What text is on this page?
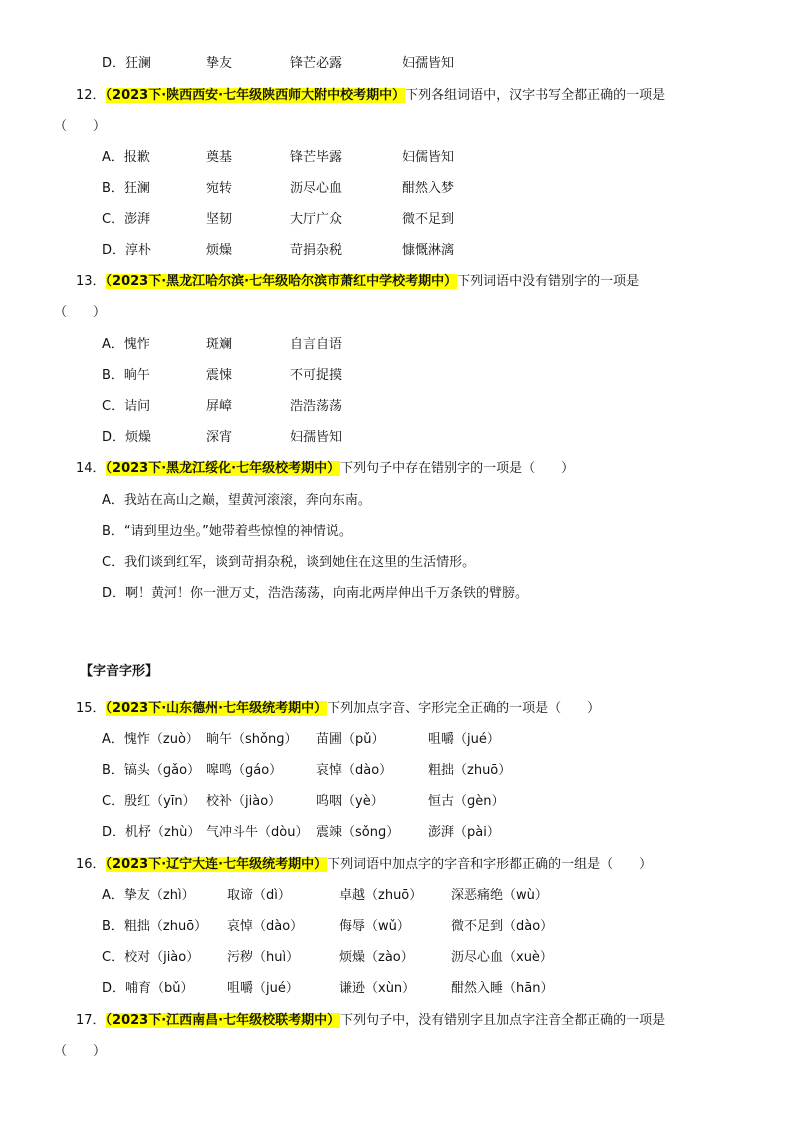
D．狂澜	挚友	锋芒必露	妇孺皆知
12．（2023下·陕西西安·七年级陕西师大附中校考期中）下列各组词语中，汉字书写全都正确的一项是
（　　）
A．报歉	奠基	锋芒毕露	妇儒皆知
B．狂澜	宛转	沥尽心血	酣然入梦
C．澎湃	坚韧	大厅广众	微不足到
D．淳朴	烦燥	苛捐杂税	慷慨淋漓
13．（2023下·黑龙江哈尔滨·七年级哈尔滨市萧红中学校考期中）下列词语中没有错别字的一项是
（　　）
A．愧怍	斑斓	自言自语
B．晌午	震悚	不可捉摸
C．诘问	屏嶂	浩浩荡荡
D．烦燥	深宵	妇孺皆知
14．（2023下·黑龙江绥化·七年级校考期中）下列句子中存在错别字的一项是（　　）
A．我站在高山之巅，望黄河滚滚，奔向东南。
B．“请到里边坐。”她带着些惊惶的神情说。
C．我们谈到红军，谈到苛捐杂税，谈到她住在这里的生活情形。
D．啊！黄河！你一泄万丈，浩浩荡荡，向南北两岸伸出千万条铁的臂膀。
【字音字形】
15．（2023下·山东德州·七年级统考期中）下列加点字音、字形完全正确的一项是（　　）
A．愧怍（zuò） 晌午（shǒnɡ） 苗圃（pǔ）	咀嚼（jué）
B．镐头（ɡǎo） 嗥鸣（ɡáo）	哀悼（dào）	粗拙（zhuō）
C．殷红（yīn） 校补（jiào）	呜咽（yè）	恒古（ɡèn）
D．机杼（zhù） 气冲斗牛（dòu） 震竦（sǒnɡ） 澎湃（pài）
16．（2023下·辽宁大连·七年级统考期中）下列词语中加点字的字音和字形都正确的一组是（　　）
A．挚友（zhì） 取谛（dì）	卓越（zhuō） 深恶痛绝（wù）
B．粗拙（zhuō） 哀悼（dào）	侮辱（wǔ）	微不足到（dào）
C．校对（jiào） 污秽（huì）	烦燥（zào）	沥尽心血（xuè）
D．哺育（bǔ）	咀嚼（jué）	谦逊（xùn）	酣然入睡（hān）
17．（2023下·江西南昌·七年级校联考期中）下列句子中，没有错别字且加点字注音全都正确的一项是
（　　）
